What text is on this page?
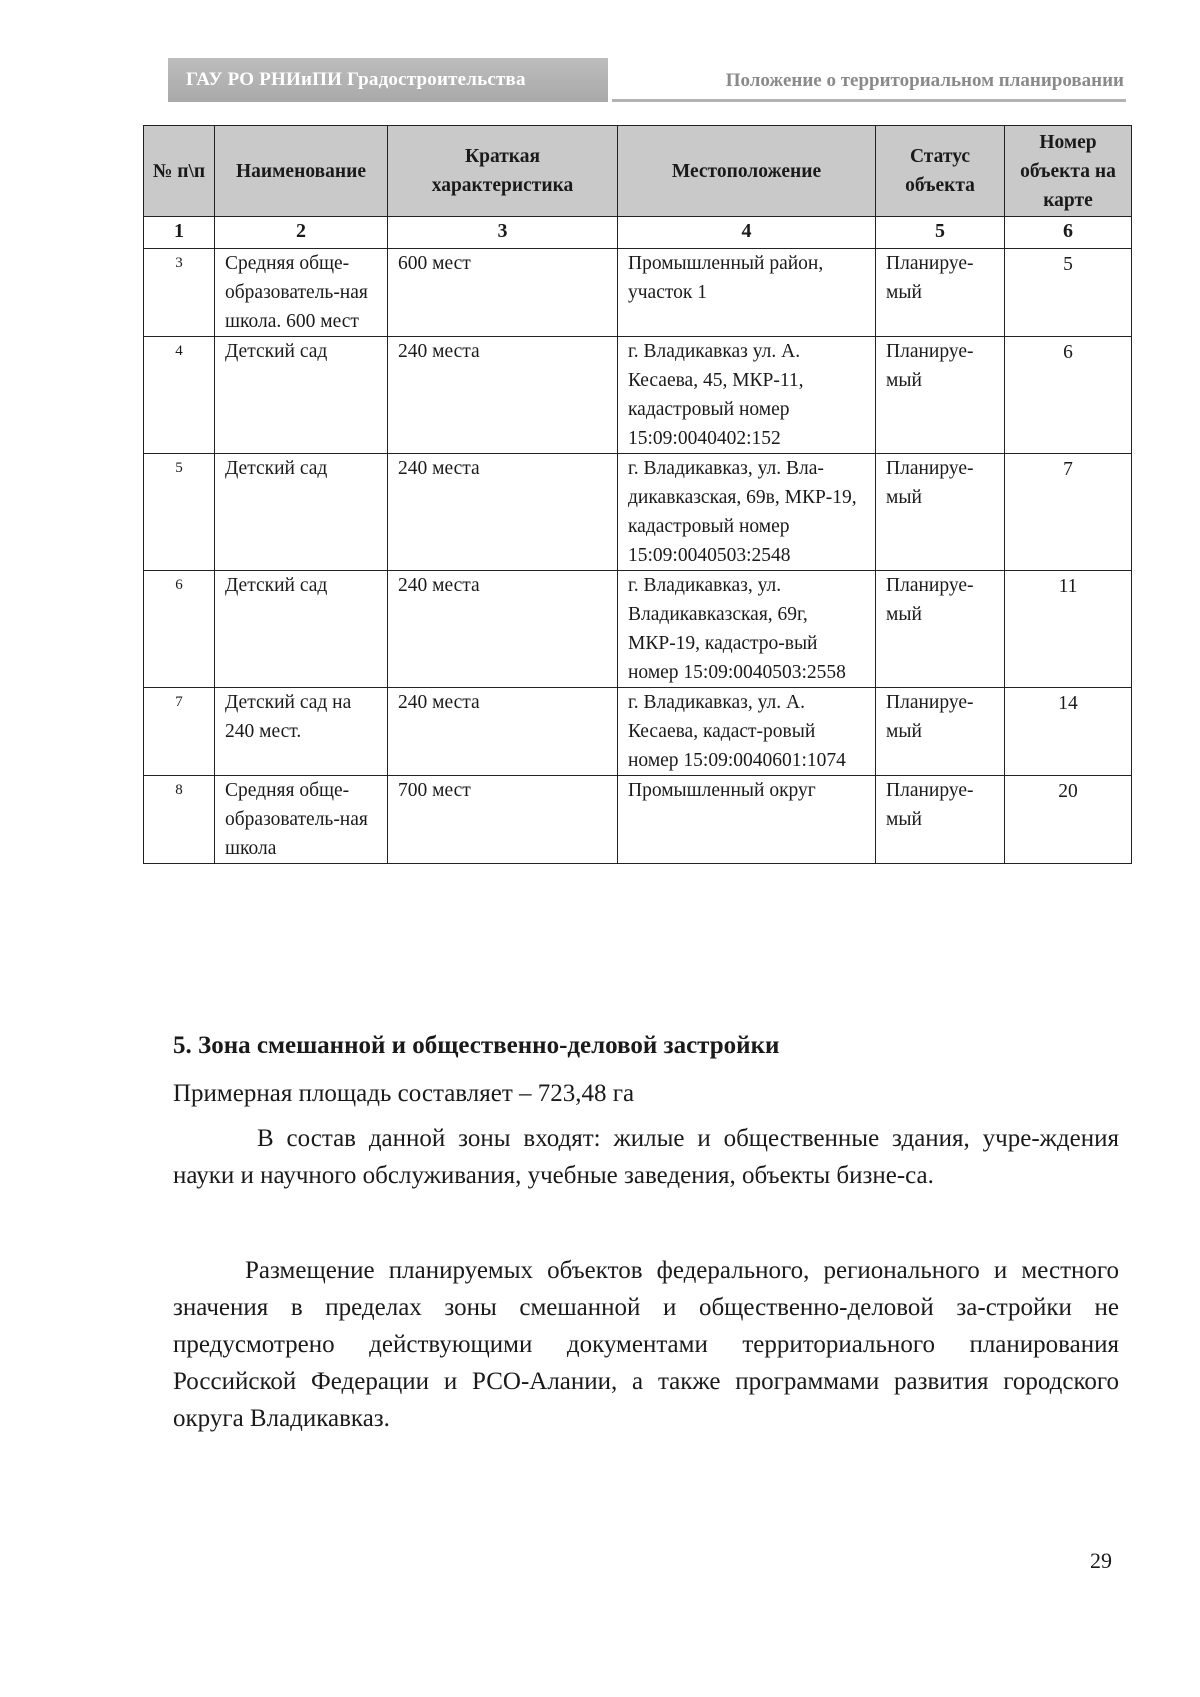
ГАУ РО РНИиПИ Градостроительства	Положение о территориальном планировании
№ п\п	Наименование	Краткая характеристика	Местоположение	Статус объекта	Номер объекта на карте
1	2	3	4	5	6
3	Средняя обще-образователь-ная школа. 600 мест	600 мест	Промышленный район, участок 1	Планируе-мый	5
4	Детский сад	240 места	г. Владикавказ ул. А. Кесаева, 45, МКР-11, кадастровый номер 15:09:0040402:152	Планируе-мый	6
5	Детский сад	240 места	г. Владикавказ, ул. Вла-дикавказская, 69в, МКР-19, кадастровый номер 15:09:0040503:2548	Планируе-мый	7
6	Детский сад	240 места	г. Владикавказ, ул. Владикавказская, 69г, МКР-19, кадастро-вый номер 15:09:0040503:2558	Планируе-мый	11
7	Детский сад на 240 мест.	240 места	г. Владикавказ, ул. А. Кесаева, кадаст-ровый номер 15:09:0040601:1074	Планируе-мый	14
8	Средняя обще-образователь-ная школа	700 мест	Промышленный округ	Планируе-мый	20
5. Зона смешанной и общественно-деловой застройки
Примерная площадь составляет – 723,48 га

В состав данной зоны входят: жилые и общественные здания, учре-ждения науки и научного обслуживания, учебные заведения, объекты бизне-са.

Размещение планируемых объектов федерального, регионального и местного значения в пределах зоны смешанной и общественно-деловой за-стройки не предусмотрено действующими документами территориального планирования Российской Федерации и РСО-Алании, а также программами развития городского округа Владикавказ.

29
